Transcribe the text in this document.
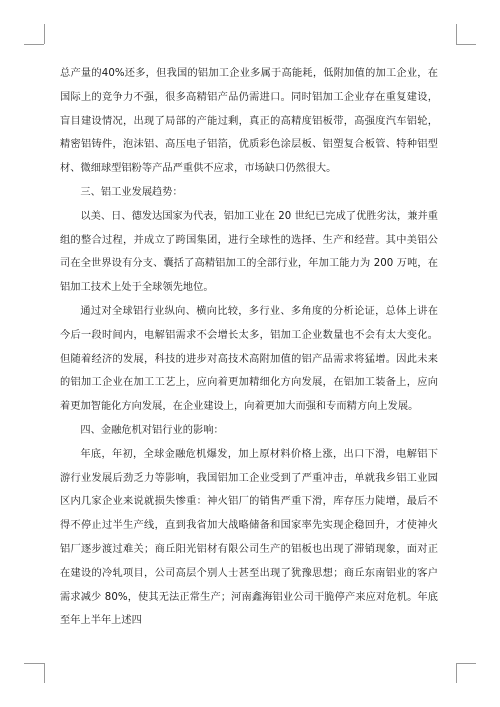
总产量的40%还多，但我国的铝加工企业多属于高能耗，低附加值的加工企业，在国际上的竞争力不强，很多高精铝产品仍需进口。同时铝加工企业存在重复建设，盲目建设情况，出现了局部的产能过剩，真正的高精度铝板带，高强度汽车铝轮，精密铝铸件，泡沫铝、高压电子铝箔，优质彩色涂层板、铝塑复合板管、特种铝型材、微细球型铝粉等产品严重供不应求，市场缺口仍然很大。

三、铝工业发展趋势：

以美、日、德发达国家为代表，铝加工业在 20 世纪已完成了优胜劣汰，兼并重组的整合过程，并成立了跨国集团，进行全球性的选择、生产和经营。其中美铝公司在全世界设有分支、囊括了高精铝加工的全部行业，年加工能力为 200 万吨，在铝加工技术上处于全球领先地位。

通过对全球铝行业纵向、横向比较，多行业、多角度的分析论证，总体上讲在今后一段时间内，电解铝需求不会增长太多，铝加工企业数量也不会有太大变化。但随着经济的发展，科技的进步对高技术高附加值的铝产品需求将猛增。因此未来的铝加工企业在加工工艺上，应向着更加精细化方向发展，在铝加工装备上，应向着更加智能化方向发展，在企业建设上，向着更加大而强和专而精方向上发展。

四、金融危机对铝行业的影响：

年底，年初，全球金融危机爆发，加上原材料价格上涨，出口下滑，电解铝下游行业发展后劲乏力等影响，我国铝加工企业受到了严重冲击，单就我乡铝工业园区内几家企业来说就损失惨重：神火铝厂的销售严重下滑，库存压力陡增，最后不得不停止过半生产线，直到我省加大战略储备和国家率先实现企稳回升，才使神火铝厂逐步渡过难关；商丘阳光铝材有限公司生产的铝板也出现了滞销现象，面对正在建设的冷轧项目，公司高层个别人士甚至出现了犹豫思想；商丘东南铝业的客户需求减少 80%，使其无法正常生产；河南鑫海铝业公司干脆停产来应对危机。年底至年上半年上述四
